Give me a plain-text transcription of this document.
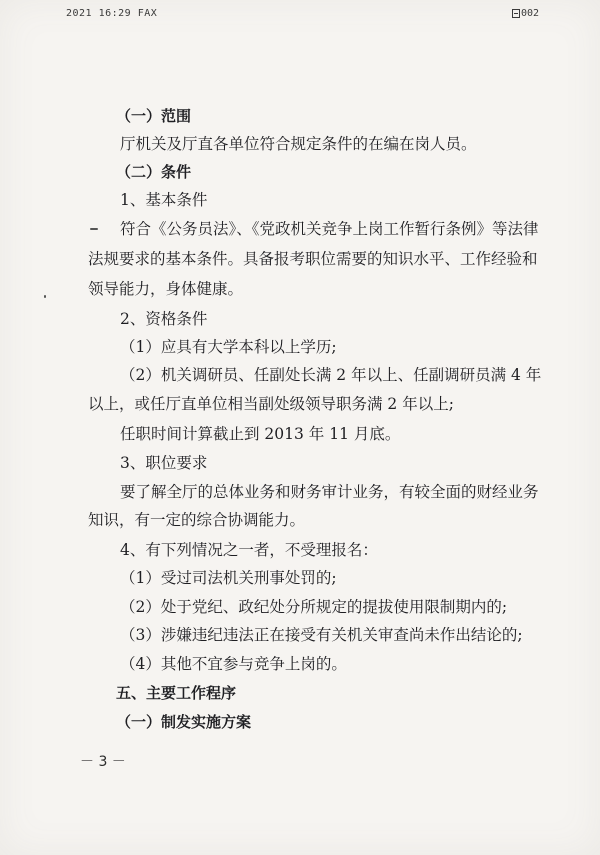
2021 16:29 FAX	002
（一）范围
厅机关及厅直各单位符合规定条件的在编在岗人员。
（二）条件
1、基本条件
符合《公务员法》、《党政机关竞争上岗工作暂行条例》等法律
法规要求的基本条件。具备报考职位需要的知识水平、工作经验和
领导能力，身体健康。
2、资格条件
（1）应具有大学本科以上学历;
（2）机关调研员、任副处长满 2 年以上、任副调研员满 4 年
以上，或任厅直单位相当副处级领导职务满 2 年以上;
任职时间计算截止到 2013 年 11 月底。
3、职位要求
要了解全厅的总体业务和财务审计业务，有较全面的财经业务
知识，有一定的综合协调能力。
4、有下列情况之一者，不受理报名：
（1）受过司法机关刑事处罚的;
（2）处于党纪、政纪处分所规定的提拔使用限制期内的;
（3）涉嫌违纪违法正在接受有关机关审查尚未作出结论的;
（4）其他不宜参与竞争上岗的。
五、主要工作程序
（一）制发实施方案
－ 3 －
